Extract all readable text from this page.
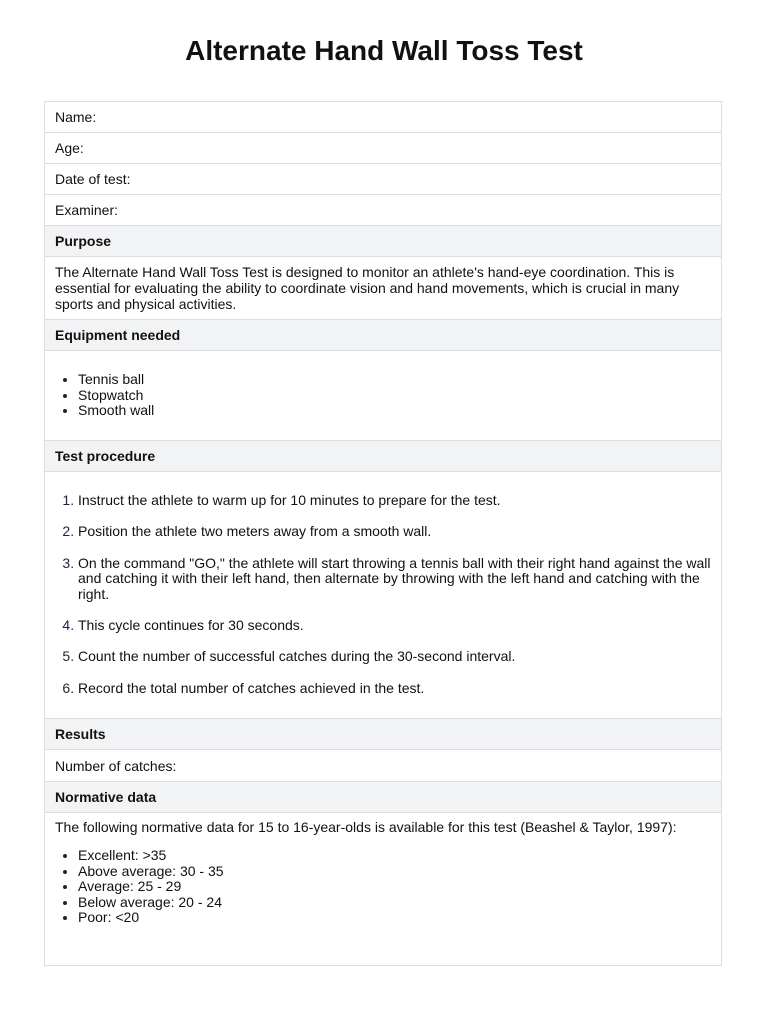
Alternate Hand Wall Toss Test
Name:
Age:
Date of test:
Examiner:
Purpose

The Alternate Hand Wall Toss Test is designed to monitor an athlete's hand-eye coordination. This is essential for evaluating the ability to coordinate vision and hand movements, which is crucial in many sports and physical activities.

Equipment needed
• Tennis ball
• Stopwatch
• Smooth wall
Test procedure
1. Instruct the athlete to warm up for 10 minutes to prepare for the test.
2. Position the athlete two meters away from a smooth wall.
3. On the command "GO," the athlete will start throwing a tennis ball with their right hand against the wall and catching it with their left hand, then alternate by throwing with the left hand and catching with the right.
4. This cycle continues for 30 seconds.
5. Count the number of successful catches during the 30-second interval.
6. Record the total number of catches achieved in the test.
Results
Number of catches:
Normative data

The following normative data for 15 to 16-year-olds is available for this test (Beashel & Taylor, 1997):

• Excellent: >35
• Above average: 30 - 35
• Average: 25 - 29
• Below average: 20 - 24
• Poor: <20
